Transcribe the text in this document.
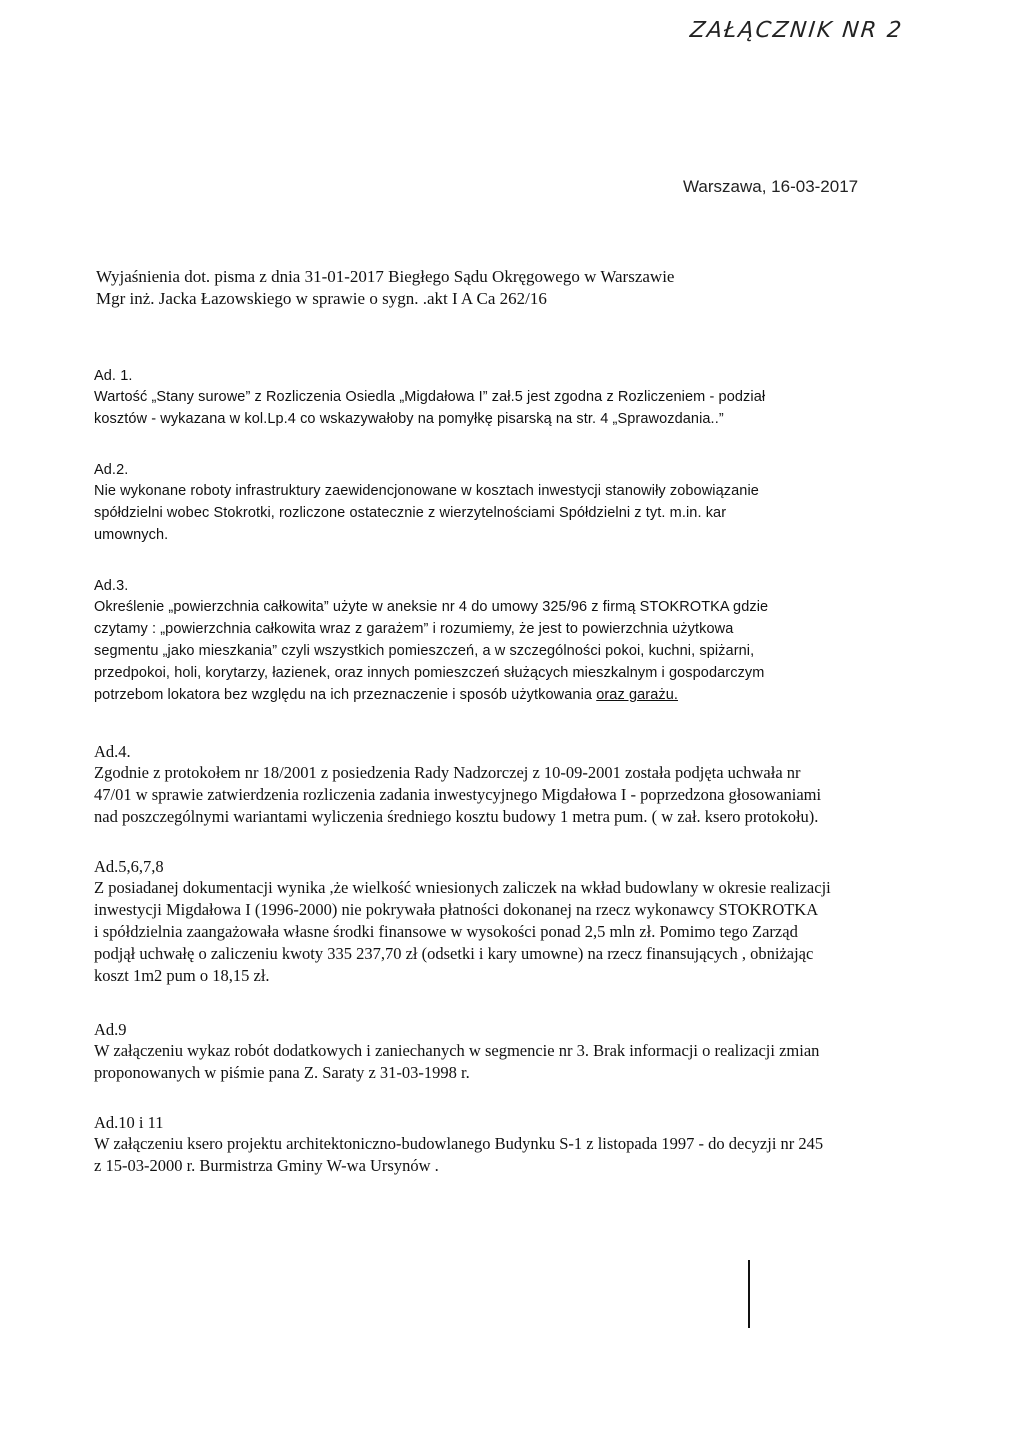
ZAŁĄCZNIK NR 2
Warszawa, 16-03-2017
Wyjaśnienia dot. pisma z dnia 31-01-2017 Biegłego Sądu Okręgowego w Warszawie
Mgr inż. Jacka Łazowskiego w sprawie o sygn. .akt I A Ca 262/16
Ad. 1.
Wartość „Stany surowe” z Rozliczenia Osiedla „Migdałowa I” zał.5 jest zgodna z Rozliczeniem - podział
kosztów - wykazana w kol.Lp.4 co wskazywałoby na pomyłkę pisarską na str. 4 „Sprawozdania..”
Ad.2.
Nie wykonane roboty infrastruktury zaewidencjonowane w kosztach inwestycji stanowiły zobowiązanie
spółdzielni wobec Stokrotki, rozliczone ostatecznie z wierzytelnościami Spółdzielni z tyt. m.in. kar
umownych.
Ad.3.
Określenie „powierzchnia całkowita” użyte w aneksie nr 4 do umowy 325/96 z firmą STOKROTKA gdzie
czytamy : „powierzchnia całkowita wraz z garażem” i rozumiemy, że jest to powierzchnia użytkowa
segmentu „jako mieszkania” czyli wszystkich pomieszczeń, a w szczególności pokoi, kuchni, spiżarni,
przedpokoi, holi, korytarzy, łazienek, oraz innych pomieszczeń służących mieszkalnym i gospodarczym
potrzebom lokatora bez względu na ich przeznaczenie i sposób użytkowania oraz garażu.
Ad.4.
Zgodnie z protokołem nr 18/2001 z posiedzenia Rady Nadzorczej z 10-09-2001 została podjęta uchwała nr
47/01 w sprawie zatwierdzenia rozliczenia zadania inwestycyjnego Migdałowa I - poprzedzona głosowaniami
nad poszczególnymi wariantami wyliczenia średniego kosztu budowy 1 metra pum. ( w zał. ksero protokołu).
Ad.5,6,7,8
Z posiadanej dokumentacji wynika ,że wielkość wniesionych zaliczek na wkład budowlany w okresie realizacji
inwestycji Migdałowa I (1996-2000) nie pokrywała płatności dokonanej na rzecz wykonawcy STOKROTKA
i spółdzielnia zaangażowała własne środki finansowe w wysokości ponad 2,5 mln zł. Pomimo tego Zarząd
podjął uchwałę o zaliczeniu kwoty 335 237,70 zł (odsetki i kary umowne) na rzecz finansujących , obniżając
koszt 1m2 pum o 18,15 zł.
Ad.9
W załączeniu wykaz robót dodatkowych i zaniechanych w segmencie nr 3. Brak informacji o realizacji zmian
proponowanych w piśmie pana Z. Saraty z 31-03-1998 r.
Ad.10 i 11
W załączeniu ksero projektu architektoniczno-budowlanego Budynku S-1 z listopada 1997 - do decyzji nr 245
z 15-03-2000 r. Burmistrza Gminy W-wa Ursynów .
